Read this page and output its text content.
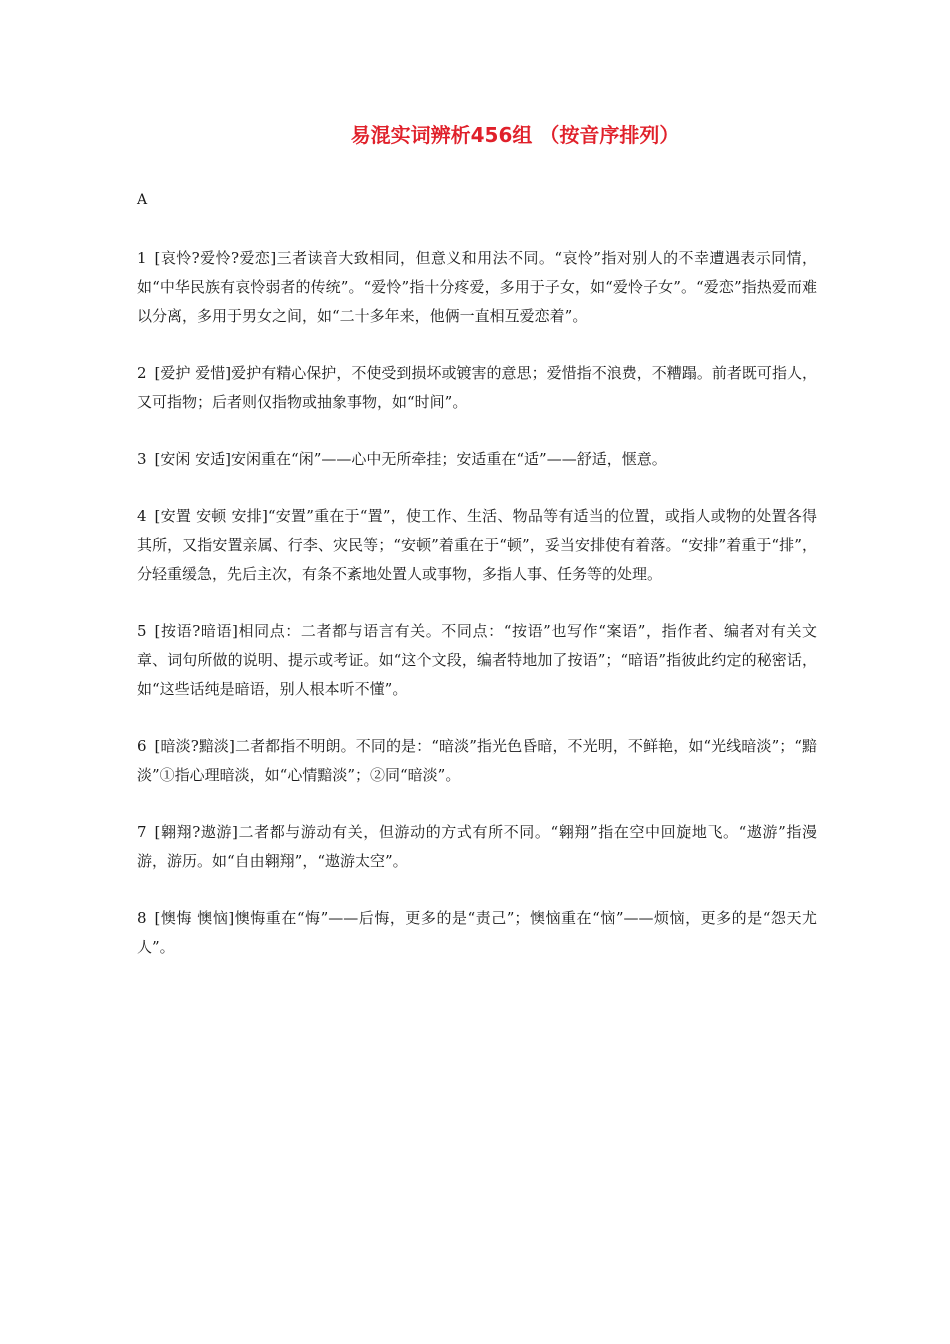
易混实词辨析456组 （按音序排列）

A

1 [哀怜?爱怜?爱恋]三者读音大致相同，但意义和用法不同。“哀怜”指对别人的不幸遭遇表示同情，如“中华民族有哀怜弱者的传统”。“爱怜”指十分疼爱，多用于子女，如“爱怜子女”。“爱恋”指热爱而难以分离，多用于男女之间，如“二十多年来，他俩一直相互爱恋着”。

2 [爱护 爱惜]爱护有精心保护，不使受到损坏或镀害的意思；爱惜指不浪费，不糟蹋。前者既可指人，又可指物；后者则仅指物或抽象事物，如“时间”。

3 [安闲 安适]安闲重在“闲”——心中无所牵挂；安适重在“适”——舒适，惬意。

4 [安置 安顿 安排]“安置”重在于“置”，使工作、生活、物品等有适当的位置，或指人或物的处置各得其所，又指安置亲属、行李、灾民等；“安顿”着重在于“顿”，妥当安排使有着落。“安排”着重于“排”，分轻重缓急，先后主次，有条不紊地处置人或事物，多指人事、任务等的处理。

5 [按语?暗语]相同点：二者都与语言有关。不同点：“按语”也写作“案语”，指作者、编者对有关文章、词句所做的说明、提示或考证。如“这个文段，编者特地加了按语”；“暗语”指彼此约定的秘密话，如“这些话纯是暗语，别人根本听不懂”。

6 [暗淡?黯淡]二者都指不明朗。不同的是：“暗淡”指光色昏暗，不光明，不鲜艳，如“光线暗淡”；“黯淡”①指心理暗淡，如“心情黯淡”；②同“暗淡”。

7 [翱翔?遨游]二者都与游动有关，但游动的方式有所不同。“翱翔”指在空中回旋地飞。“遨游”指漫游，游历。如“自由翱翔”，“遨游太空”。

8 [懊悔 懊恼]懊悔重在“悔”——后悔，更多的是“责己”；懊恼重在“恼”——烦恼，更多的是“怨天尤人”。
